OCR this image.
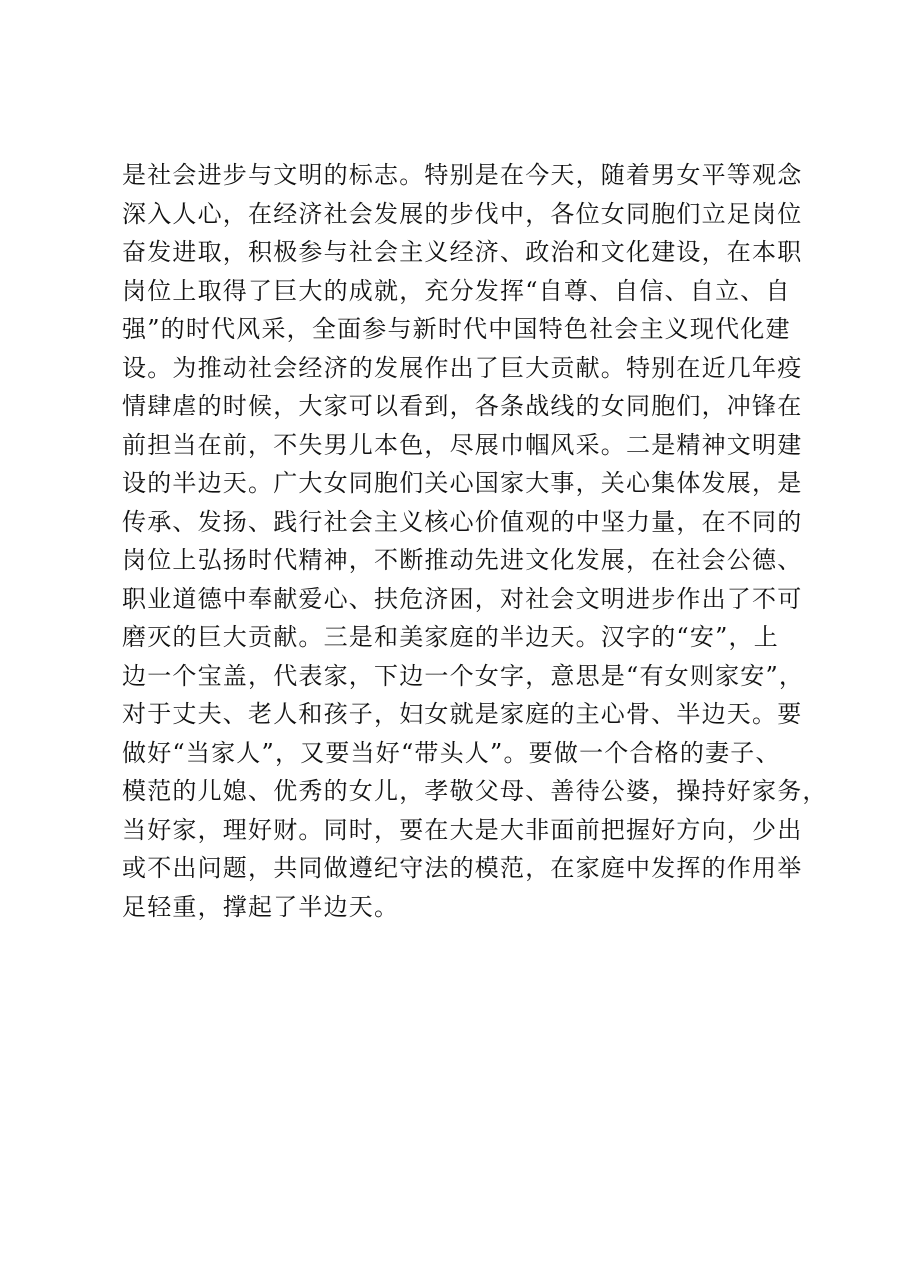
是社会进步与文明的标志。特别是在今天，随着男女平等观念
深入人心，在经济社会发展的步伐中，各位女同胞们立足岗位
奋发进取，积极参与社会主义经济、政治和文化建设，在本职
岗位上取得了巨大的成就，充分发挥“自尊、自信、自立、自
强”的时代风采，全面参与新时代中国特色社会主义现代化建
设。为推动社会经济的发展作出了巨大贡献。特别在近几年疫
情肆虐的时候，大家可以看到，各条战线的女同胞们，冲锋在
前担当在前，不失男儿本色，尽展巾帼风采。二是精神文明建
设的半边天。广大女同胞们关心国家大事，关心集体发展，是
传承、发扬、践行社会主义核心价值观的中坚力量，在不同的
岗位上弘扬时代精神，不断推动先进文化发展，在社会公德、
职业道德中奉献爱心、扶危济困，对社会文明进步作出了不可
磨灭的巨大贡献。三是和美家庭的半边天。汉字的“安”，上
边一个宝盖，代表家，下边一个女字，意思是“有女则家安”，
对于丈夫、老人和孩子，妇女就是家庭的主心骨、半边天。要
做好“当家人”，又要当好“带头人”。要做一个合格的妻子、
模范的儿媳、优秀的女儿，孝敬父母、善待公婆，操持好家务，
当好家，理好财。同时，要在大是大非面前把握好方向，少出
或不出问题，共同做遵纪守法的模范，在家庭中发挥的作用举
足轻重，撑起了半边天。
